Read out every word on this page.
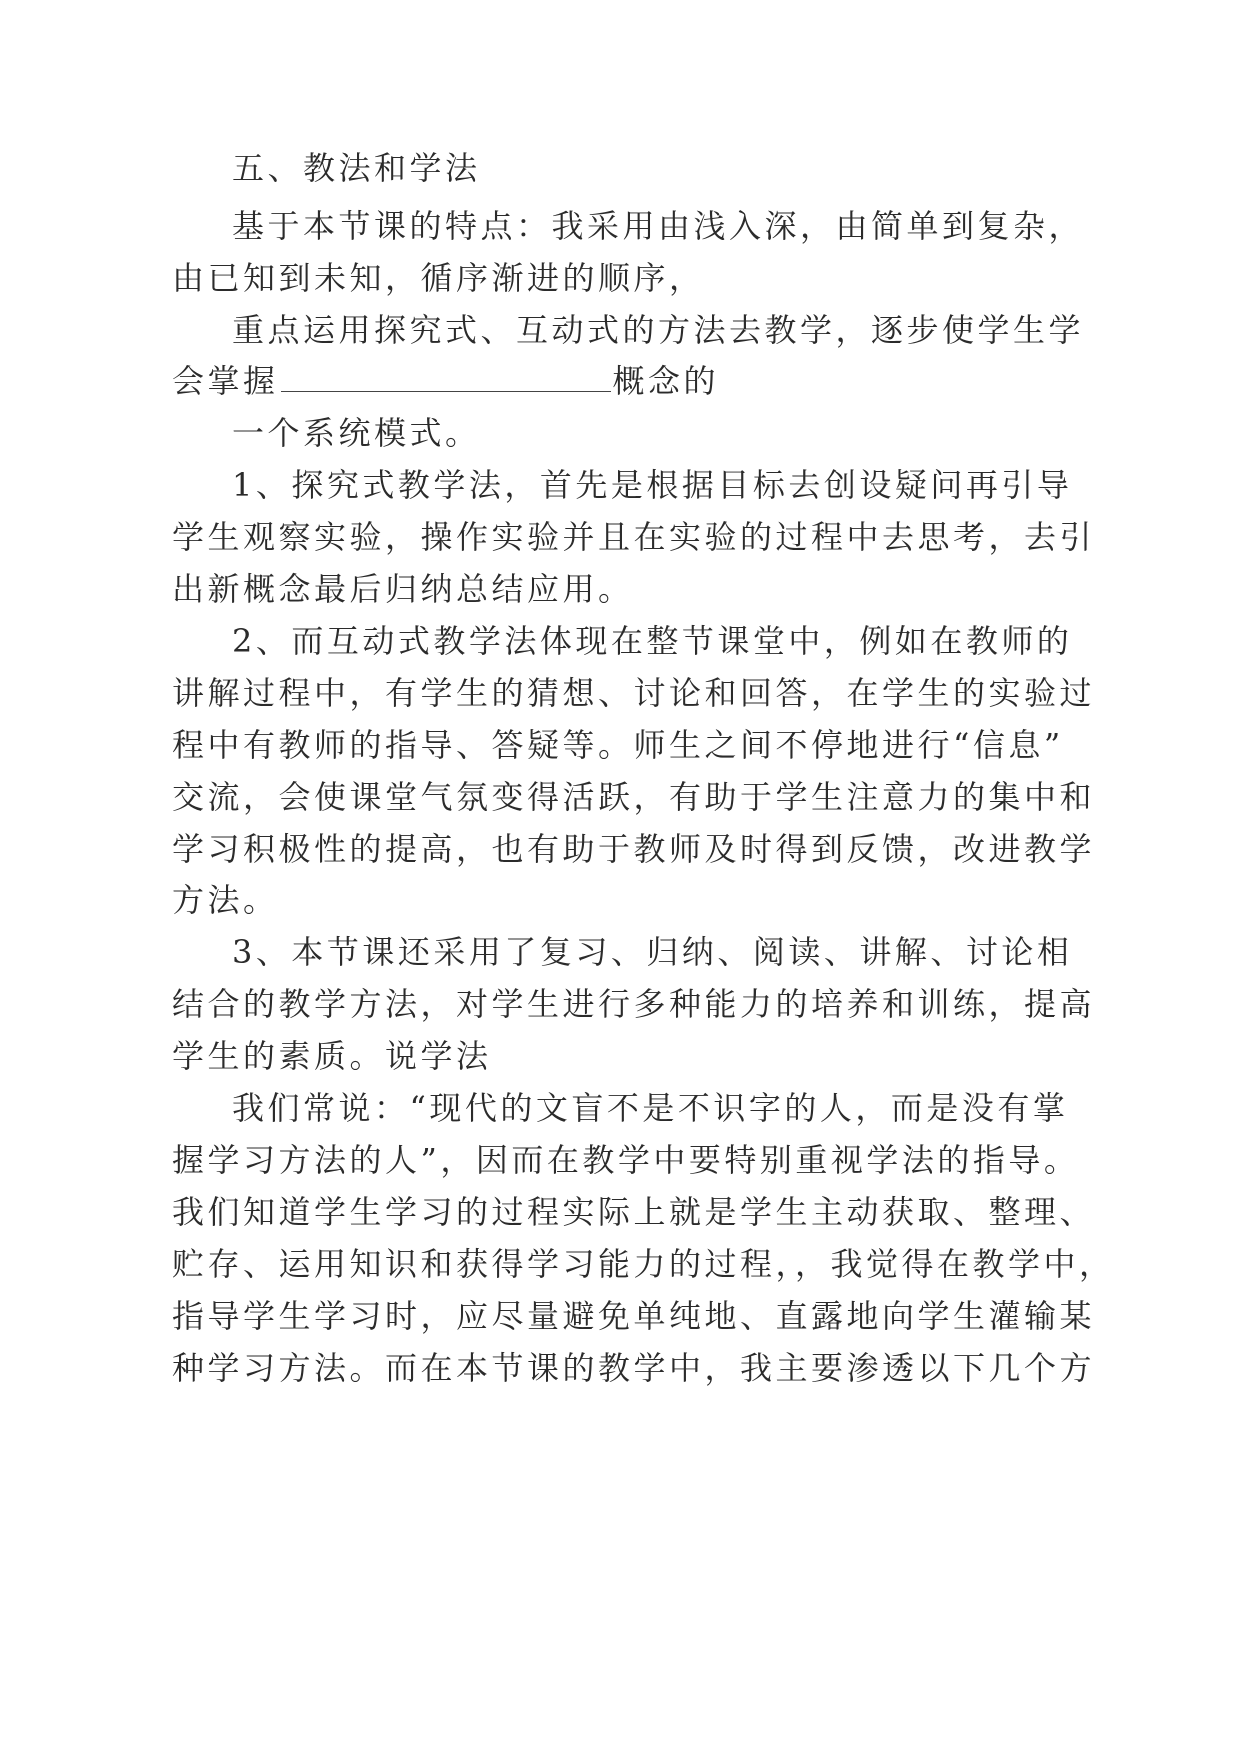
五、教法和学法
基于本节课的特点：我采用由浅入深，由简单到复杂，
由已知到未知，循序渐进的顺序，
重点运用探究式、互动式的方法去教学，逐步使学生学
会掌握	概念的
一个系统模式。
1、探究式教学法，首先是根据目标去创设疑问再引导
学生观察实验，操作实验并且在实验的过程中去思考，去引
出新概念最后归纳总结应用。
2、而互动式教学法体现在整节课堂中，例如在教师的
讲解过程中，有学生的猜想、讨论和回答，在学生的实验过
程中有教师的指导、答疑等。师生之间不停地进行“信息”
交流，会使课堂气氛变得活跃，有助于学生注意力的集中和
学习积极性的提高，也有助于教师及时得到反馈，改进教学
方法。
3、本节课还采用了复习、归纳、阅读、讲解、讨论相
结合的教学方法，对学生进行多种能力的培养和训练，提高
学生的素质。说学法
我们常说：“现代的文盲不是不识字的人，而是没有掌
握学习方法的人”，因而在教学中要特别重视学法的指导。
我们知道学生学习的过程实际上就是学生主动获取、整理、
贮存、运用知识和获得学习能力的过程，，我觉得在教学中，
指导学生学习时，应尽量避免单纯地、直露地向学生灌输某
种学习方法。而在本节课的教学中，我主要渗透以下几个方
